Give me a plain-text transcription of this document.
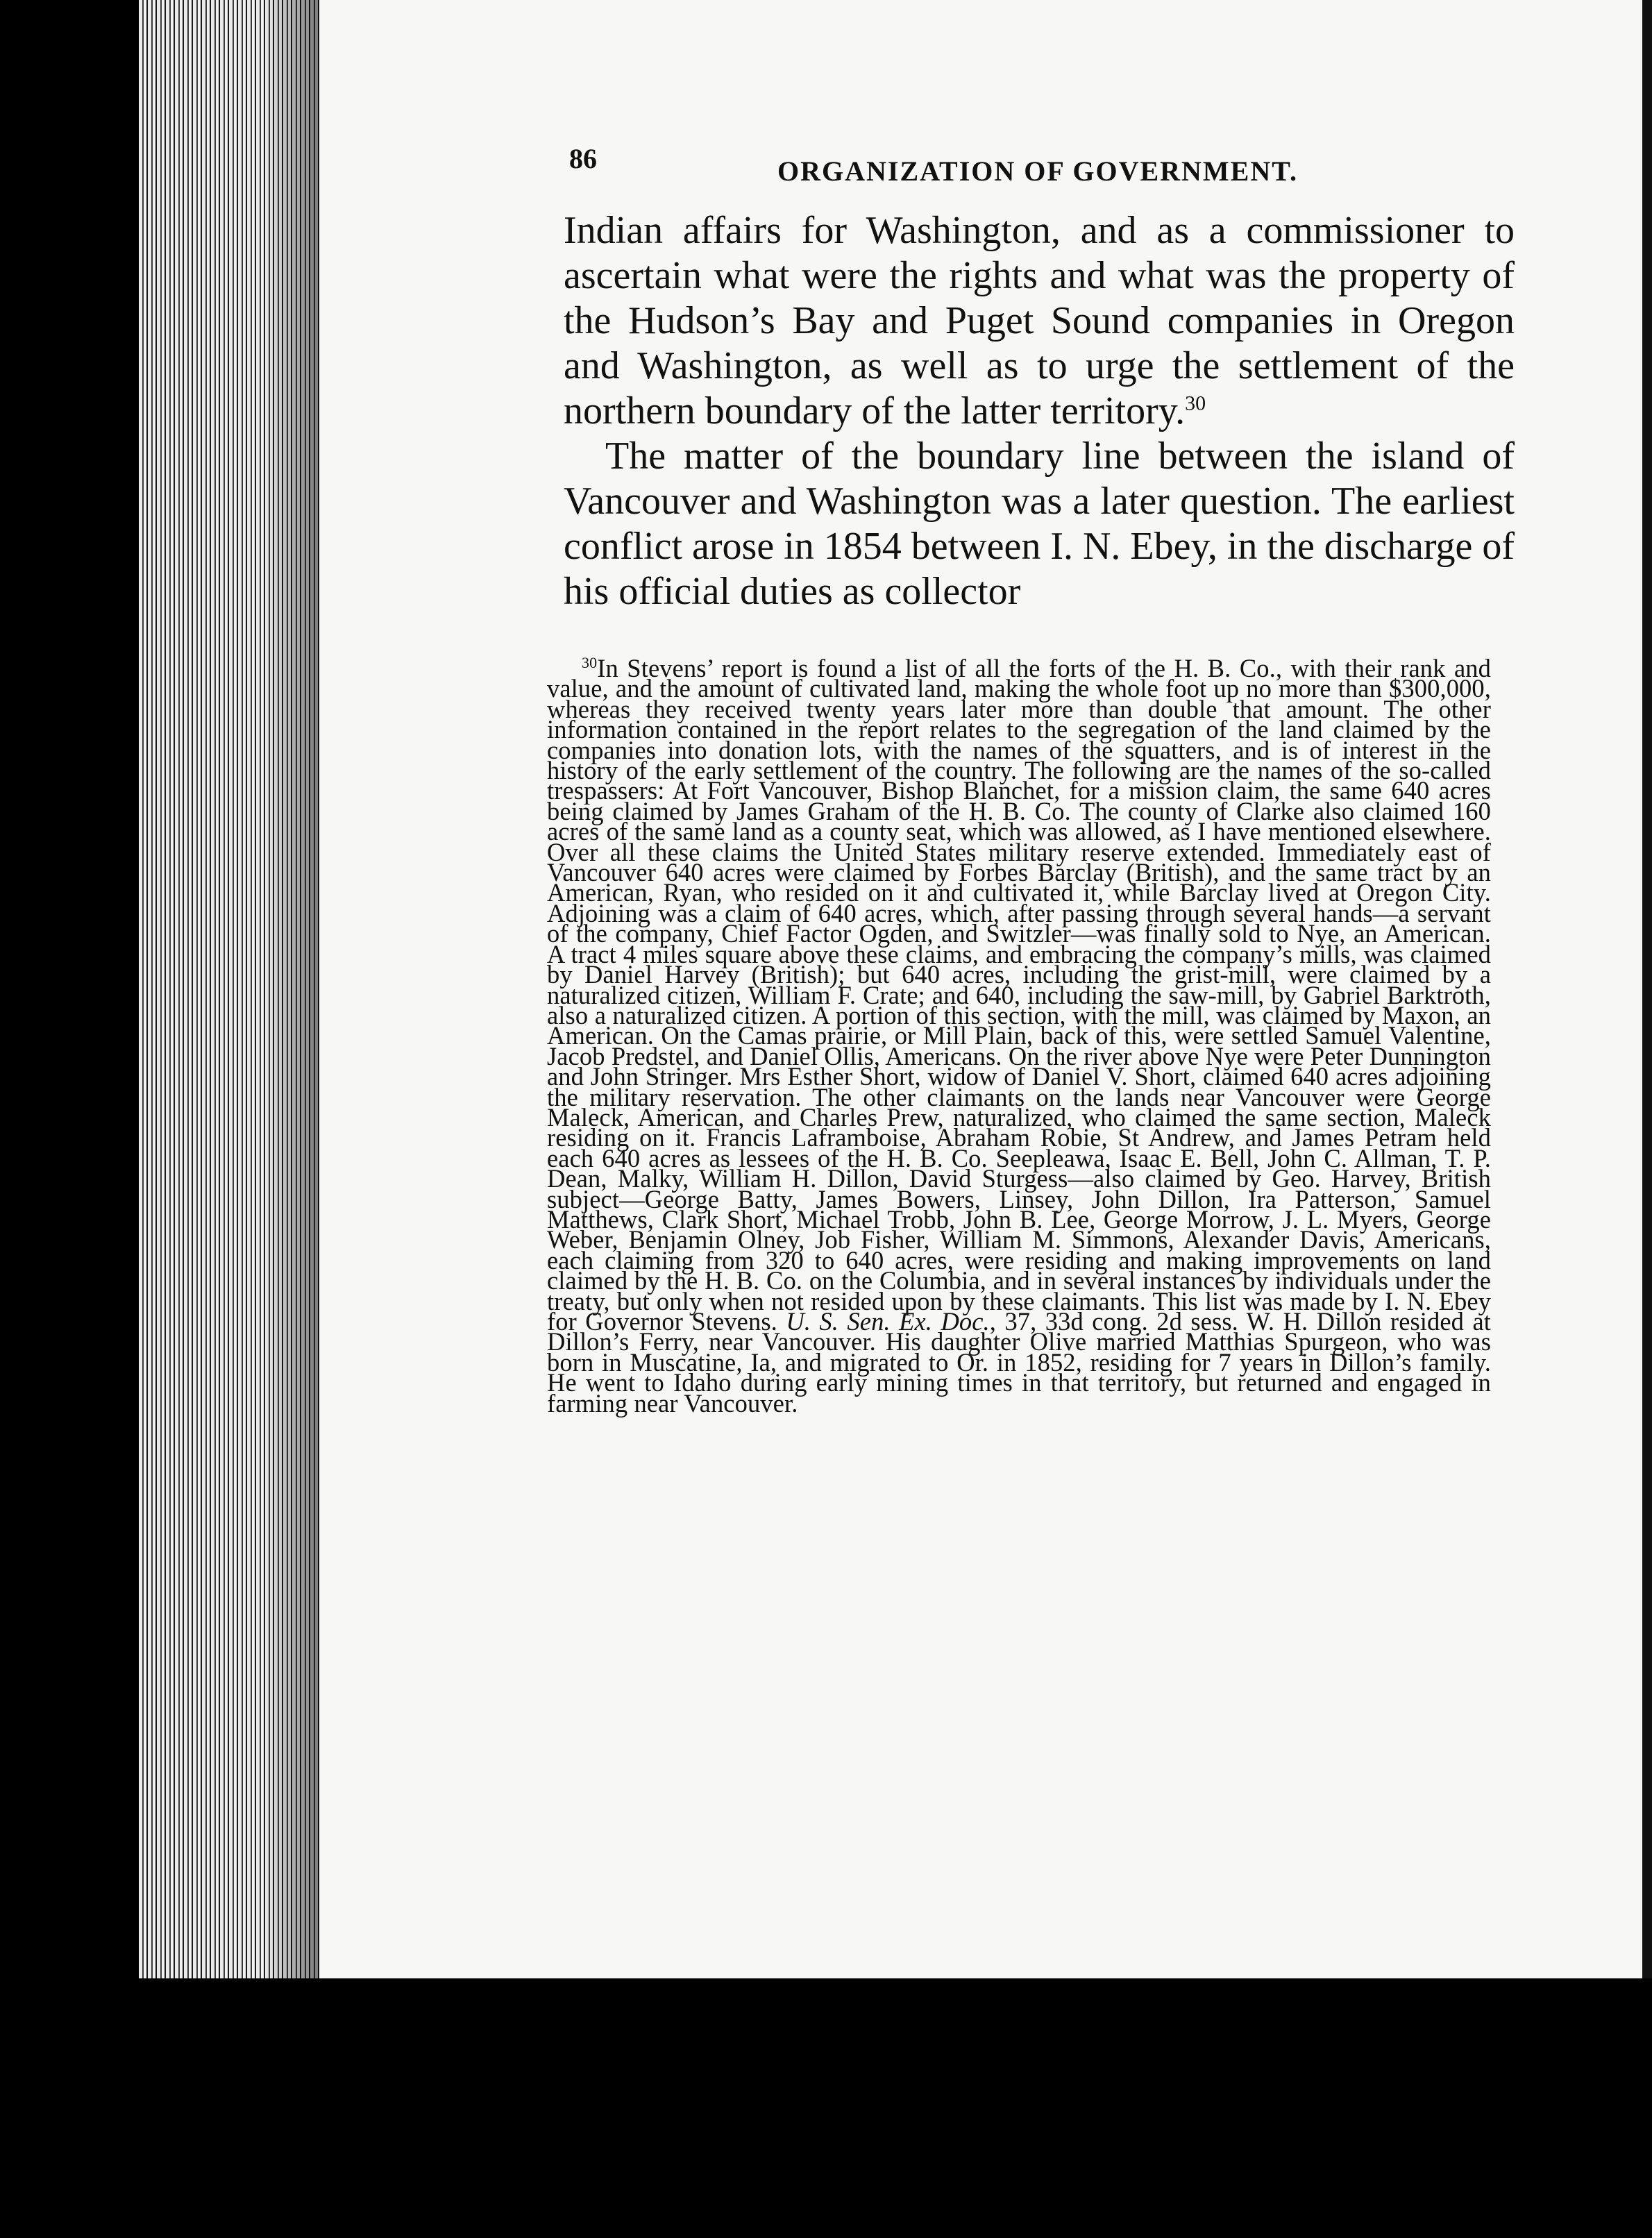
86	ORGANIZATION OF GOVERNMENT.

Indian affairs for Washington, and as a commissioner to ascertain what were the rights and what was the property of the Hudson’s Bay and Puget Sound companies in Oregon and Washington, as well as to urge the settlement of the northern boundary of the latter territory.$^{30}$

The matter of the boundary line between the island of Vancouver and Washington was a later question. The earliest conflict arose in 1854 between I. N. Ebey, in the discharge of his official duties as collector

$^{30}$In Stevens’ report is found a list of all the forts of the H. B. Co., with their rank and value, and the amount of cultivated land, making the whole foot up no more than $300,000, whereas they received twenty years later more than double that amount. The other information contained in the report relates to the segregation of the land claimed by the companies into donation lots, with the names of the squatters, and is of interest in the history of the early settlement of the country. The following are the names of the so-called trespassers: At Fort Vancouver, Bishop Blanchet, for a mission claim, the same 640 acres being claimed by James Graham of the H. B. Co. The county of Clarke also claimed 160 acres of the same land as a county seat, which was allowed, as I have mentioned elsewhere. Over all these claims the United States military reserve extended. Immediately east of Vancouver 640 acres were claimed by Forbes Barclay (British), and the same tract by an American, Ryan, who resided on it and cultivated it, while Barclay lived at Oregon City. Adjoining was a claim of 640 acres, which, after passing through several hands—a servant of the company, Chief Factor Ogden, and Switzler—was finally sold to Nye, an American. A tract 4 miles square above these claims, and embracing the company’s mills, was claimed by Daniel Harvey (British); but 640 acres, including the grist-mill, were claimed by a naturalized citizen, William F. Crate; and 640, including the saw-mill, by Gabriel Barktroth, also a naturalized citizen. A portion of this section, with the mill, was claimed by Maxon, an American. On the Camas prairie, or Mill Plain, back of this, were settled Samuel Valentine, Jacob Predstel, and Daniel Ollis, Americans. On the river above Nye were Peter Dunnington and John Stringer. Mrs Esther Short, widow of Daniel V. Short, claimed 640 acres adjoining the military reservation. The other claimants on the lands near Vancouver were George Maleck, American, and Charles Prew, naturalized, who claimed the same section, Maleck residing on it. Francis Laframboise, Abraham Robie, St Andrew, and James Petram held each 640 acres as lessees of the H. B. Co. Seepleawa, Isaac E. Bell, John C. Allman, T. P. Dean, Malky, William H. Dillon, David Sturgess—also claimed by Geo. Harvey, British subject—George Batty, James Bowers, Linsey, John Dillon, Ira Patterson, Samuel Matthews, Clark Short, Michael Trobb, John B. Lee, George Morrow, J. L. Myers, George Weber, Benjamin Olney, Job Fisher, William M. Simmons, Alexander Davis, Americans, each claiming from 320 to 640 acres, were residing and making improvements on land claimed by the H. B. Co. on the Columbia, and in several instances by individuals under the treaty, but only when not resided upon by these claimants. This list was made by I. N. Ebey for Governor Stevens. U. S. Sen. Ex. Doc., 37, 33d cong. 2d sess. W. H. Dillon resided at Dillon’s Ferry, near Vancouver. His daughter Olive married Matthias Spurgeon, who was born in Muscatine, Ia, and migrated to Or. in 1852, residing for 7 years in Dillon’s family. He went to Idaho during early mining times in that territory, but returned and engaged in farming near Vancouver.
